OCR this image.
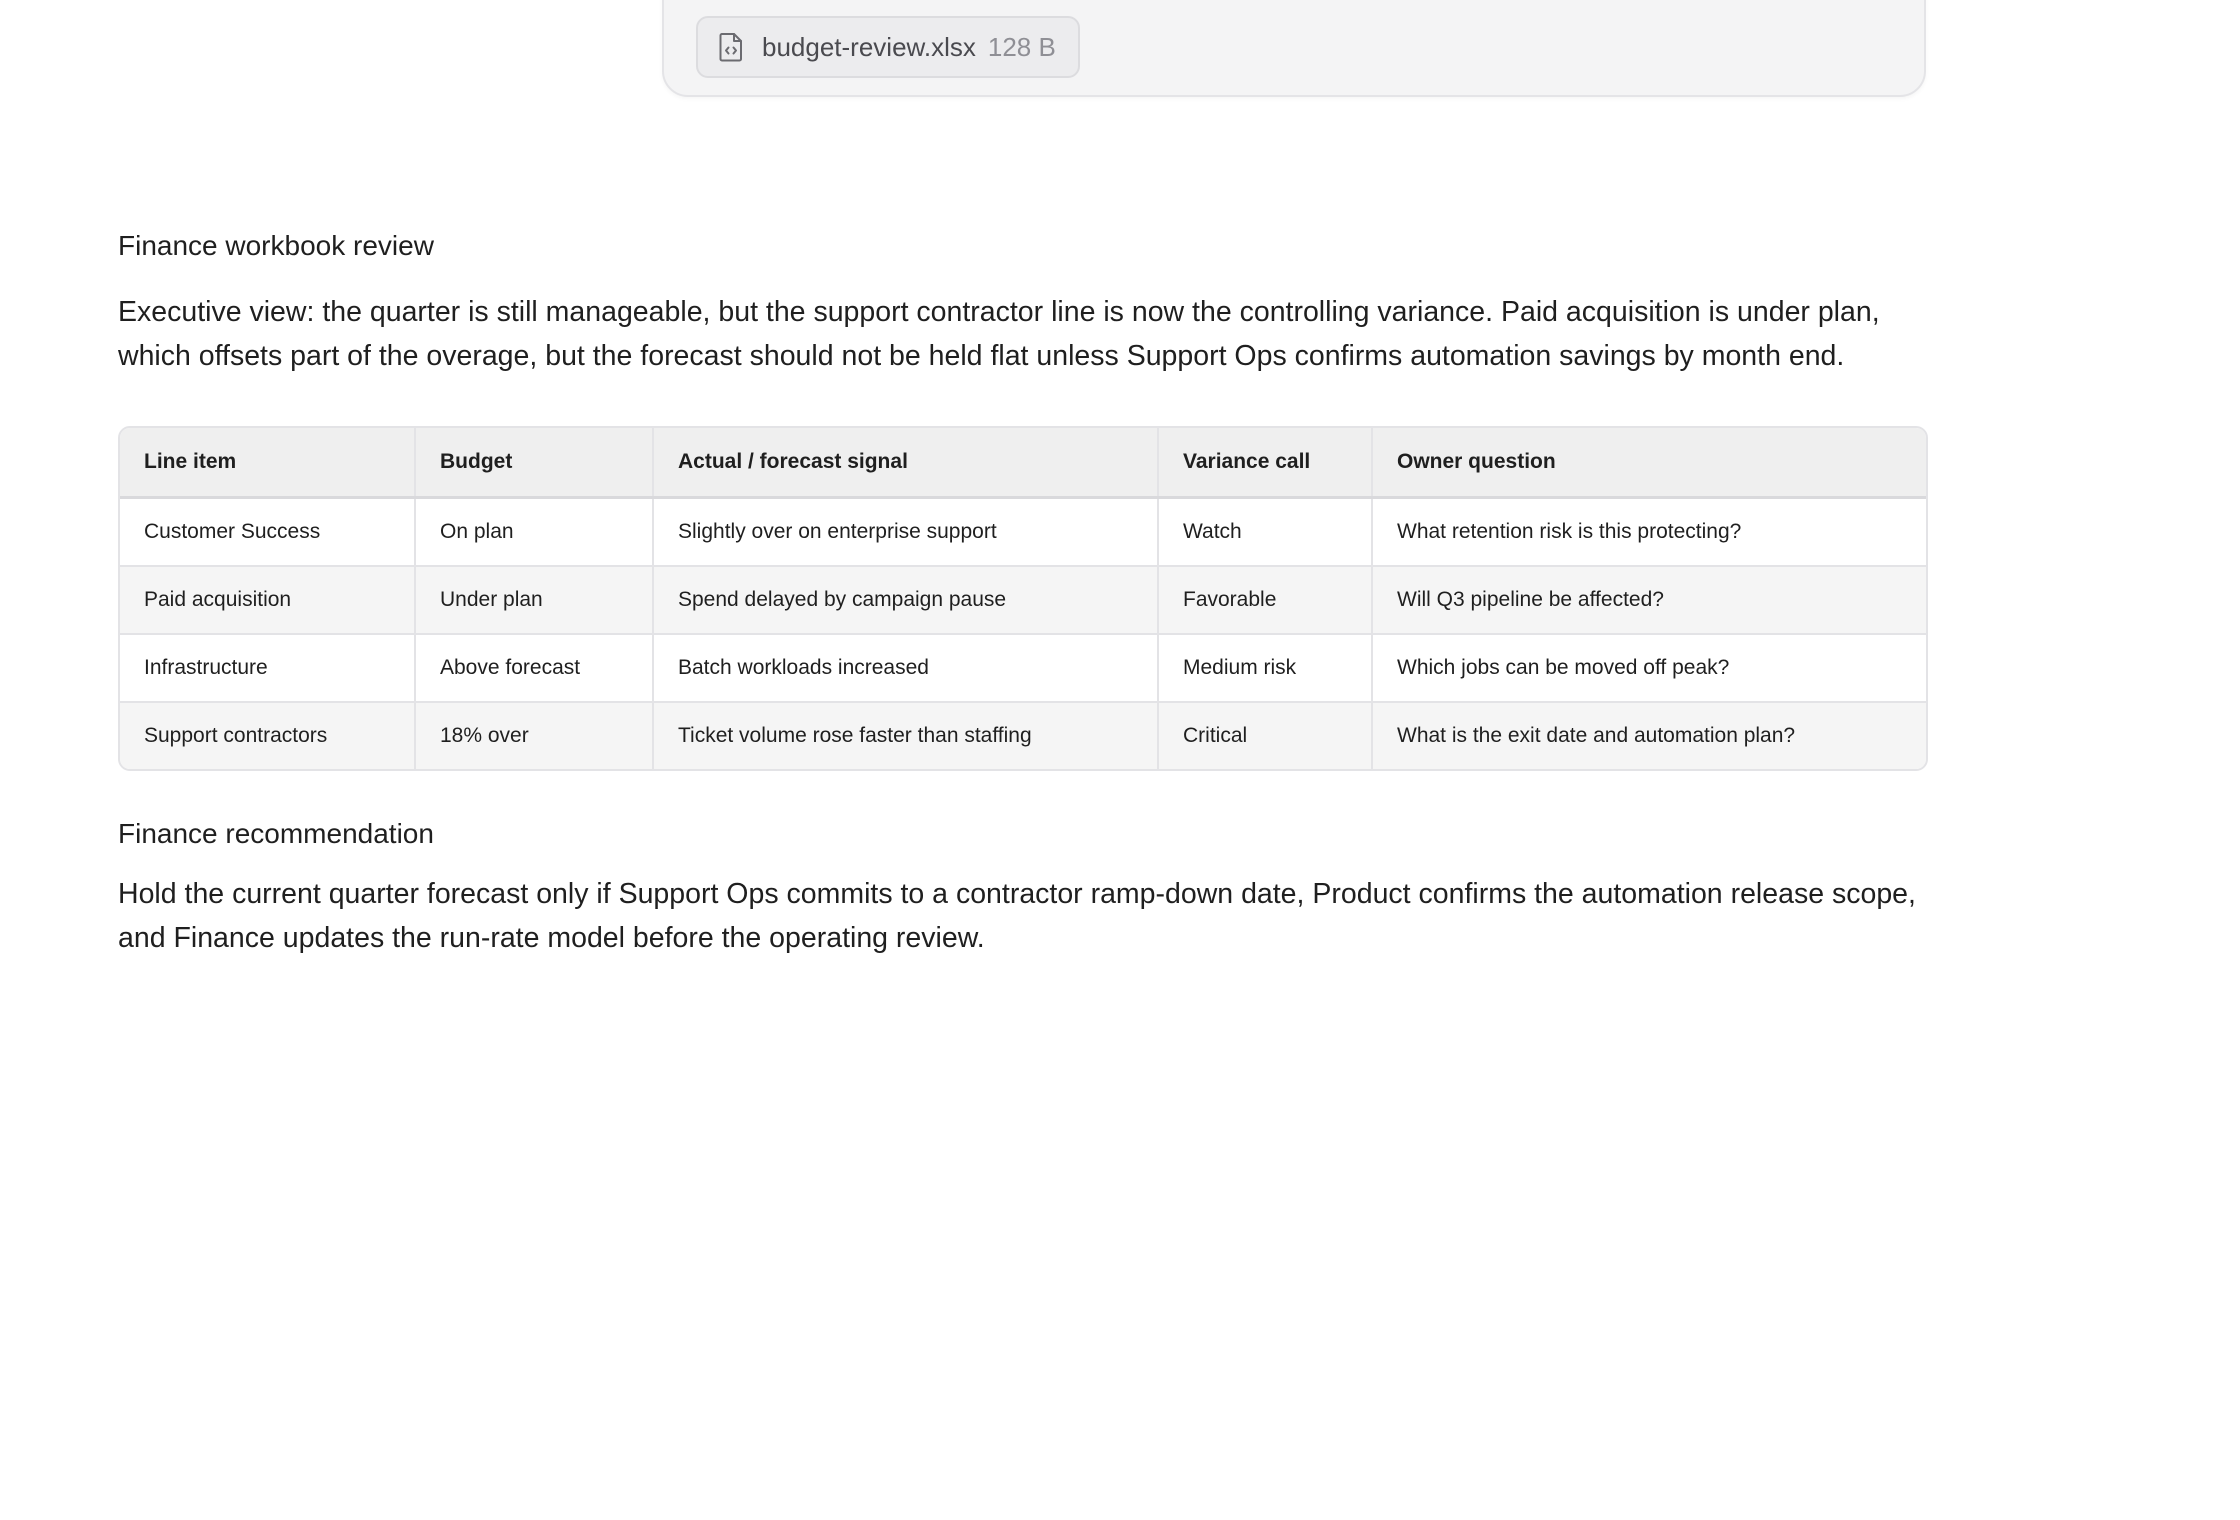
budget-review.xlsx 128 B
Finance workbook review
Executive view: the quarter is still manageable, but the support contractor line is now the controlling variance. Paid acquisition is under plan, which offsets part of the overage, but the forecast should not be held flat unless Support Ops confirms automation savings by month end.
Line item	Budget	Actual / forecast signal	Variance call	Owner question
Customer Success	On plan	Slightly over on enterprise support	Watch	What retention risk is this protecting?
Paid acquisition	Under plan	Spend delayed by campaign pause	Favorable	Will Q3 pipeline be affected?
Infrastructure	Above forecast	Batch workloads increased	Medium risk	Which jobs can be moved off peak?
Support contractors	18% over	Ticket volume rose faster than staffing	Critical	What is the exit date and automation plan?
Finance recommendation
Hold the current quarter forecast only if Support Ops commits to a contractor ramp-down date, Product confirms the automation release scope, and Finance updates the run-rate model before the operating review.
